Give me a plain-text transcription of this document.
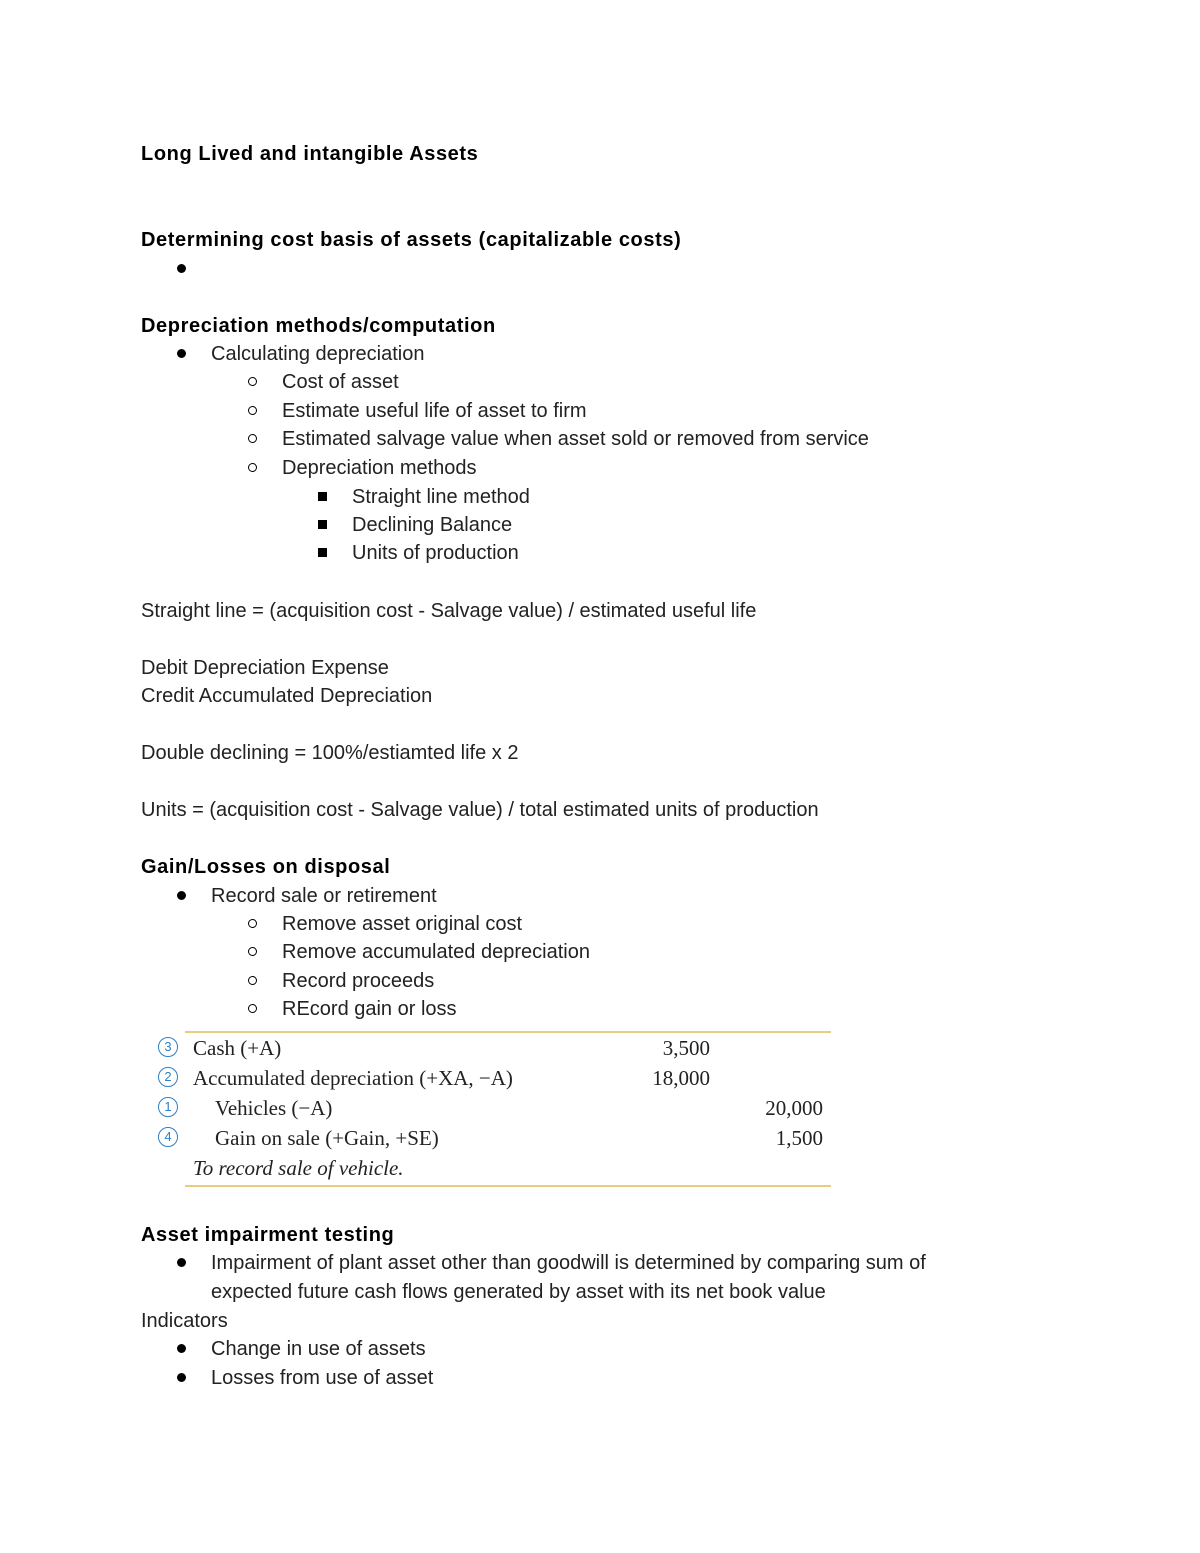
Long Lived and intangible Assets
Determining cost basis of assets (capitalizable costs)
Depreciation methods/computation
Calculating depreciation
Cost of asset
Estimate useful life of asset to firm
Estimated salvage value when asset sold or removed from service
Depreciation methods
Straight line method
Declining Balance
Units of production
Straight line = (acquisition cost - Salvage value) / estimated useful life
Debit Depreciation Expense
Credit Accumulated Depreciation
Double declining = 100%/estiamted life x 2
Units = (acquisition cost - Salvage value) / total estimated units of production
Gain/Losses on disposal
Record sale or retirement
Remove asset original cost
Remove accumulated depreciation
Record proceeds
REcord gain or loss
3	Cash (+A)	3,500
2	Accumulated depreciation (+XA, −A)	18,000
1	Vehicles (−A)	20,000
4	Gain on sale (+Gain, +SE)	1,500
To record sale of vehicle.
Asset impairment testing
Impairment of plant asset other than goodwill is determined by comparing sum of
expected future cash flows generated by asset with its net book value
Indicators
Change in use of assets
Losses from use of asset
